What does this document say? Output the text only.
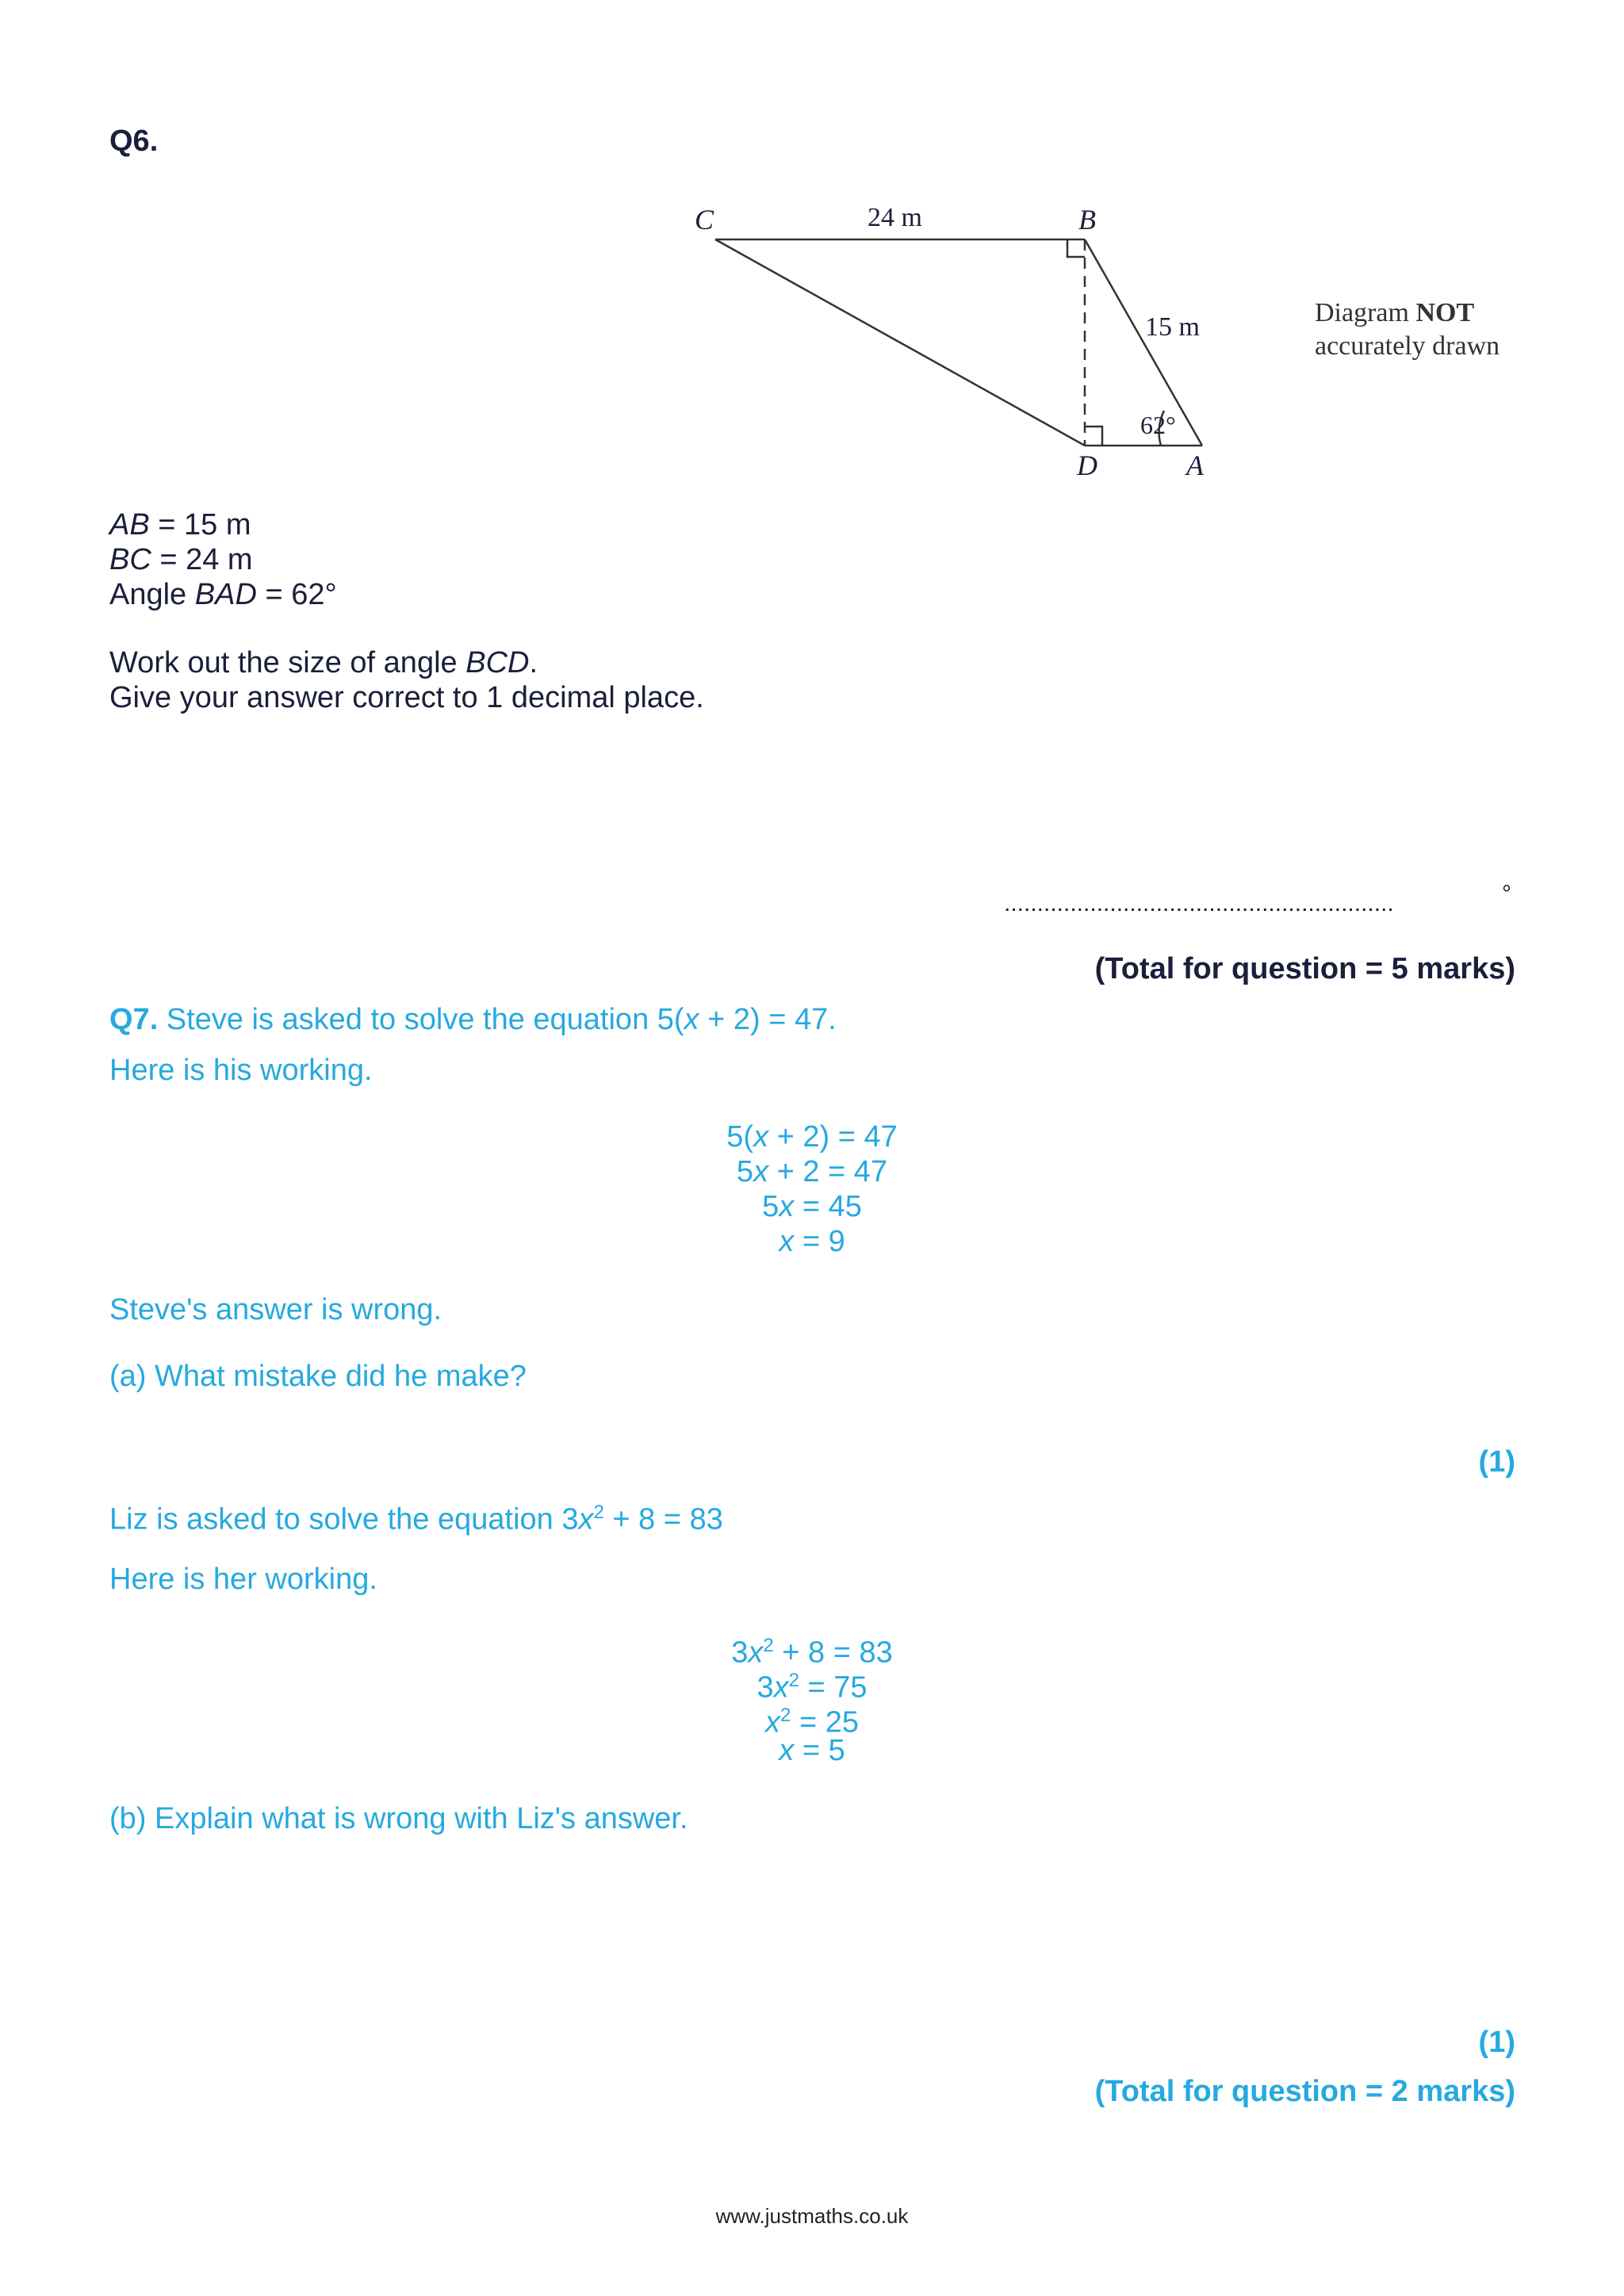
Q6.
C	B
D	A
24 m
15 m
62°
Diagram NOT
accurately drawn
AB = 15 m
BC = 24 m
Angle BAD = 62°
Work out the size of angle BCD.
Give your answer correct to 1 decimal place.
...........................................................	°
(Total for question = 5 marks)
Q7. Steve is asked to solve the equation 5(x + 2) = 47.
Here is his working.
5(x + 2) = 47
5x + 2 = 47
5x = 45
x = 9
Steve's answer is wrong.
(a) What mistake did he make?
(1)
Liz is asked to solve the equation $3x^2 + 8 = 83$
Here is her working.
$3x^2 + 8 = 83$
$3x^2 = 75$
$x^2 = 25$
x = 5
(b) Explain what is wrong with Liz's answer.
(1)
(Total for question = 2 marks)
www.justmaths.co.uk
